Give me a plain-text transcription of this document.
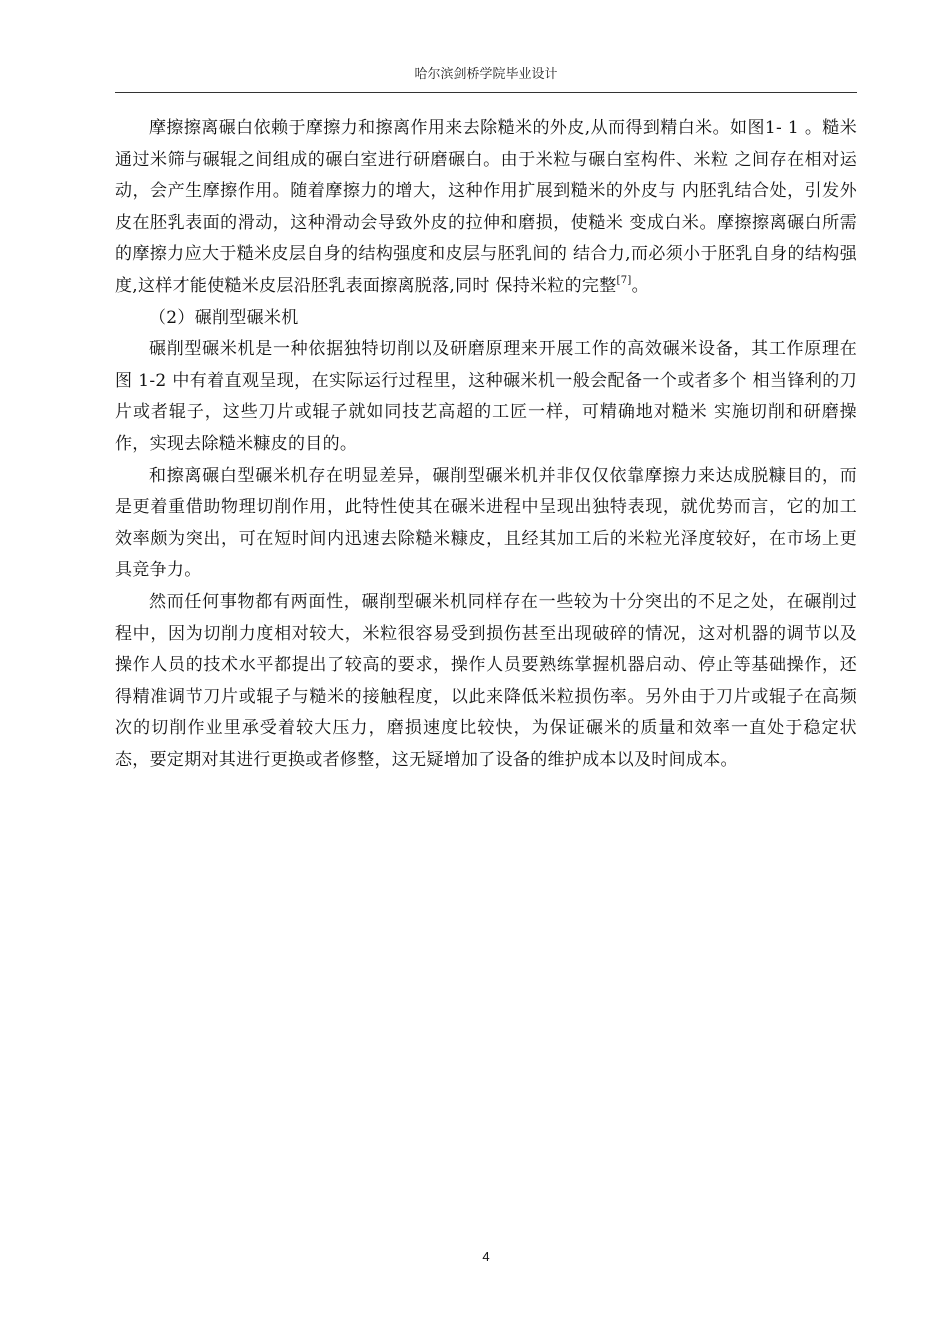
哈尔滨剑桥学院毕业设计

摩擦擦离碾白依赖于摩擦力和擦离作用来去除糙米的外皮,从而得到精白米。如图1- 1 。糙米通过米筛与碾辊之间组成的碾白室进行研磨碾白。由于米粒与碾白室构件、米粒 之间存在相对运动，会产生摩擦作用。随着摩擦力的增大，这种作用扩展到糙米的外皮与 内胚乳结合处，引发外皮在胚乳表面的滑动，这种滑动会导致外皮的拉伸和磨损，使糙米 变成白米。摩擦擦离碾白所需的摩擦力应大于糙米皮层自身的结构强度和皮层与胚乳间的 结合力,而必须小于胚乳自身的结构强度,这样才能使糙米皮层沿胚乳表面擦离脱落,同时 保持米粒的完整[7]。

（2）碾削型碾米机

碾削型碾米机是一种依据独特切削以及研磨原理来开展工作的高效碾米设备，其工作原理在图 1-2 中有着直观呈现，在实际运行过程里，这种碾米机一般会配备一个或者多个 相当锋利的刀片或者辊子，这些刀片或辊子就如同技艺高超的工匠一样，可精确地对糙米 实施切削和研磨操作，实现去除糙米糠皮的目的。

和擦离碾白型碾米机存在明显差异，碾削型碾米机并非仅仅依靠摩擦力来达成脱糠目的，而是更着重借助物理切削作用，此特性使其在碾米进程中呈现出独特表现，就优势而言，它的加工效率颇为突出，可在短时间内迅速去除糙米糠皮，且经其加工后的米粒光泽度较好，在市场上更具竞争力。

然而任何事物都有两面性，碾削型碾米机同样存在一些较为十分突出的不足之处，在碾削过程中，因为切削力度相对较大，米粒很容易受到损伤甚至出现破碎的情况，这对机器的调节以及操作人员的技术水平都提出了较高的要求，操作人员要熟练掌握机器启动、停止等基础操作，还得精准调节刀片或辊子与糙米的接触程度，以此来降低米粒损伤率。另外由于刀片或辊子在高频次的切削作业里承受着较大压力，磨损速度比较快，为保证碾米的质量和效率一直处于稳定状态，要定期对其进行更换或者修整，这无疑增加了设备的维护成本以及时间成本。

4
